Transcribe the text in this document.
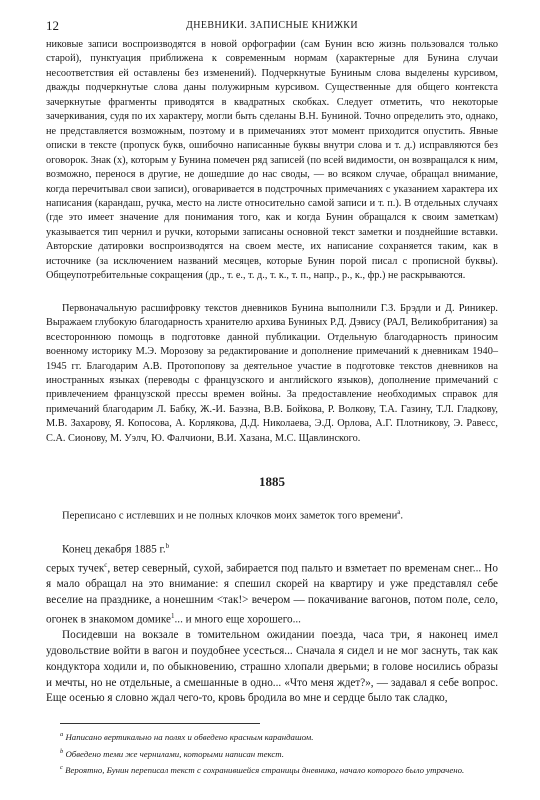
12	ДНЕВНИКИ. ЗАПИСНЫЕ КНИЖКИ

никовые записи воспроизводятся в новой орфографии (сам Бунин всю жизнь пользовался только старой), пунктуация приближена к современным нормам (характерные для Бунина случаи несоответствия ей оставлены без изменений). Подчеркнутые Буниным слова выделены курсивом, дважды подчеркнутые слова даны полужирным курсивом. Существенные для общего контекста зачеркнутые фрагменты приводятся в квадратных скобках. Следует отметить, что некоторые зачеркивания, судя по их характеру, могли быть сделаны В.Н. Буниной. Точно определить это, однако, не представляется возможным, поэтому и в примечаниях этот момент приходится опустить. Явные описки в тексте (пропуск букв, ошибочно написанные буквы внутри слова и т. д.) исправляются без оговорок. Знак (х), которым у Бунина помечен ряд записей (по всей видимости, он возвращался к ним, возможно, перенося в другие, не дошедшие до нас своды, — во всяком случае, обращал внимание, когда перечитывал свои записи), оговаривается в подстрочных примечаниях с указанием характера их написания (карандаш, ручка, место на листе относительно самой записи и т. п.). В отдельных случаях (где это имеет значение для понимания того, как и когда Бунин обращался к своим заметкам) указывается тип чернил и ручки, которыми записаны основной текст заметки и позднейшие вставки. Авторские датировки воспроизводятся на своем месте, их написание сохраняется таким, как в источнике (за исключением названий месяцев, которые Бунин порой писал с прописной буквы). Общеупотребительные сокращения (др., т. е., т. д., т. к., т. п., напр., р., к., фр.) не раскрываются.

Первоначальную расшифровку текстов дневников Бунина выполнили Г.З. Брэдли и Д. Риникер. Выражаем глубокую благодарность хранителю архива Буниных Р.Д. Дэвису (РАЛ, Великобритания) за всестороннюю помощь в подготовке данной публикации. Отдельную благодарность приносим военному историку М.Э. Морозову за редактирование и дополнение примечаний к дневникам 1940–1945 гг. Благодарим А.В. Протопопову за деятельное участие в подготовке текстов дневников на иностранных языках (переводы с французского и английского языков), дополнение примечаний с привлечением французской прессы времен войны. За предоставление необходимых справок для примечаний благодарим Л. Бабку, Ж.-И. Баэзна, В.В. Бойкова, Р. Волкову, Т.А. Газину, Т.Л. Гладкову, М.В. Захарову, Я. Копосова, А. Корлякова, Д.Д. Николаева, Э.Д. Орлова, А.Г. Плотникову, Э. Равесс, С.А. Сионову, М. Уэлч, Ю. Фалчиони, В.И. Хазана, М.С. Щавлинского.

1885

Переписано с истлевших и не полных клочков моих заметок того времени$^a$.

Конец декабря 1885 г.$^b$

серых тучек$^c$, ветер северный, сухой, забирается под пальто и взметает по временам снег... Но я мало обращал на это внимание: я спешил скорей на квартиру и уже представлял себе веселие на празднике, а нонешним <так!> вечером — покачивание вагонов, потом поле, село, огонек в знакомом домике$^1$... и много еще хорошего...

Посидевши на вокзале в томительном ожидании поезда, часа три, я наконец имел удовольствие войти в вагон и поудобнее усесться... Сначала я сидел и не мог заснуть, так как кондуктора ходили и, по обыкновению, страшно хлопали дверьми; в голове носились образы и мечты, но не отдельные, а смешанные в одно... «Что меня ждет?», — задавал я себе вопрос. Еще осенью я словно ждал чего-то, кровь бродила во мне и сердце было так сладко,

$^a$ Написано вертикально на полях и обведено красным карандашом.

$^b$ Обведено теми же чернилами, которыми написан текст.

$^c$ Вероятно, Бунин переписал текст с сохранившейся страницы дневника, начало которого было утрачено.
